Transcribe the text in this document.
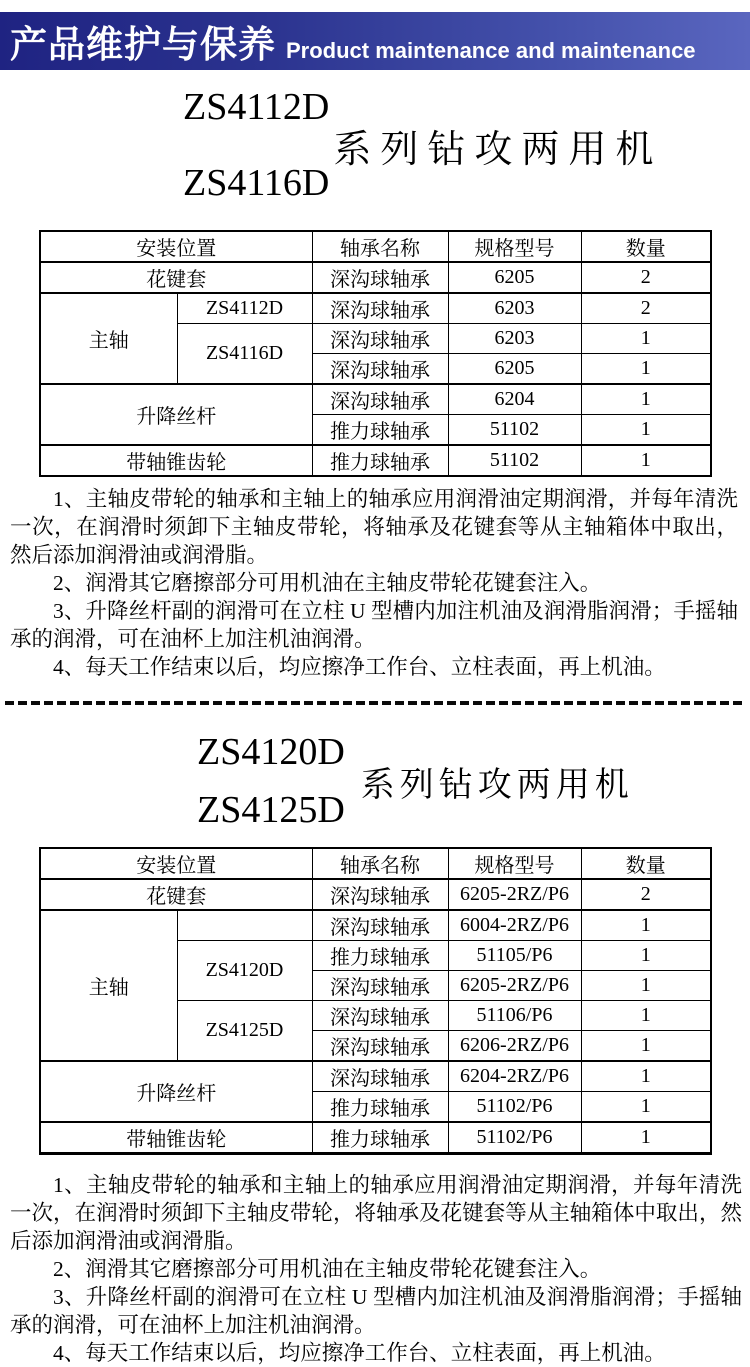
产品维护与保养 Product maintenance and maintenance
ZS4112D
ZS4116D
系列钻攻两用机
安装位置		轴承名称	规格型号	数量
花键套		深沟球轴承	6205	2
主轴	ZS4112D	深沟球轴承	6203	2
	ZS4116D	深沟球轴承	6203	1
		深沟球轴承	6205	1
升降丝杆		深沟球轴承	6204	1
		推力球轴承	51102	1
带轴锥齿轮		推力球轴承	51102	1

1、主轴皮带轮的轴承和主轴上的轴承应用润滑油定期润滑，并每年清洗一次，在润滑时须卸下主轴皮带轮，将轴承及花键套等从主轴箱体中取出，然后添加润滑油或润滑脂。

2、润滑其它磨擦部分可用机油在主轴皮带轮花键套注入。

3、升降丝杆副的润滑可在立柱 U 型槽内加注机油及润滑脂润滑；手摇轴承的润滑，可在油杯上加注机油润滑。

4、每天工作结束以后，均应擦净工作台、立柱表面，再上机油。

ZS4120D
ZS4125D
系列钻攻两用机
安装位置		轴承名称	规格型号	数量
花键套		深沟球轴承	6205-2RZ/P6	2
主轴		深沟球轴承	6004-2RZ/P6	1
	ZS4120D	推力球轴承	51105/P6	1
		深沟球轴承	6205-2RZ/P6	1
	ZS4125D	深沟球轴承	51106/P6	1
		深沟球轴承	6206-2RZ/P6	1
升降丝杆		深沟球轴承	6204-2RZ/P6	1
		推力球轴承	51102/P6	1
带轴锥齿轮		推力球轴承	51102/P6	1

1、主轴皮带轮的轴承和主轴上的轴承应用润滑油定期润滑，并每年清洗一次，在润滑时须卸下主轴皮带轮，将轴承及花键套等从主轴箱体中取出，然后添加润滑油或润滑脂。

2、润滑其它磨擦部分可用机油在主轴皮带轮花键套注入。

3、升降丝杆副的润滑可在立柱 U 型槽内加注机油及润滑脂润滑；手摇轴承的润滑，可在油杯上加注机油润滑。

4、每天工作结束以后，均应擦净工作台、立柱表面，再上机油。
